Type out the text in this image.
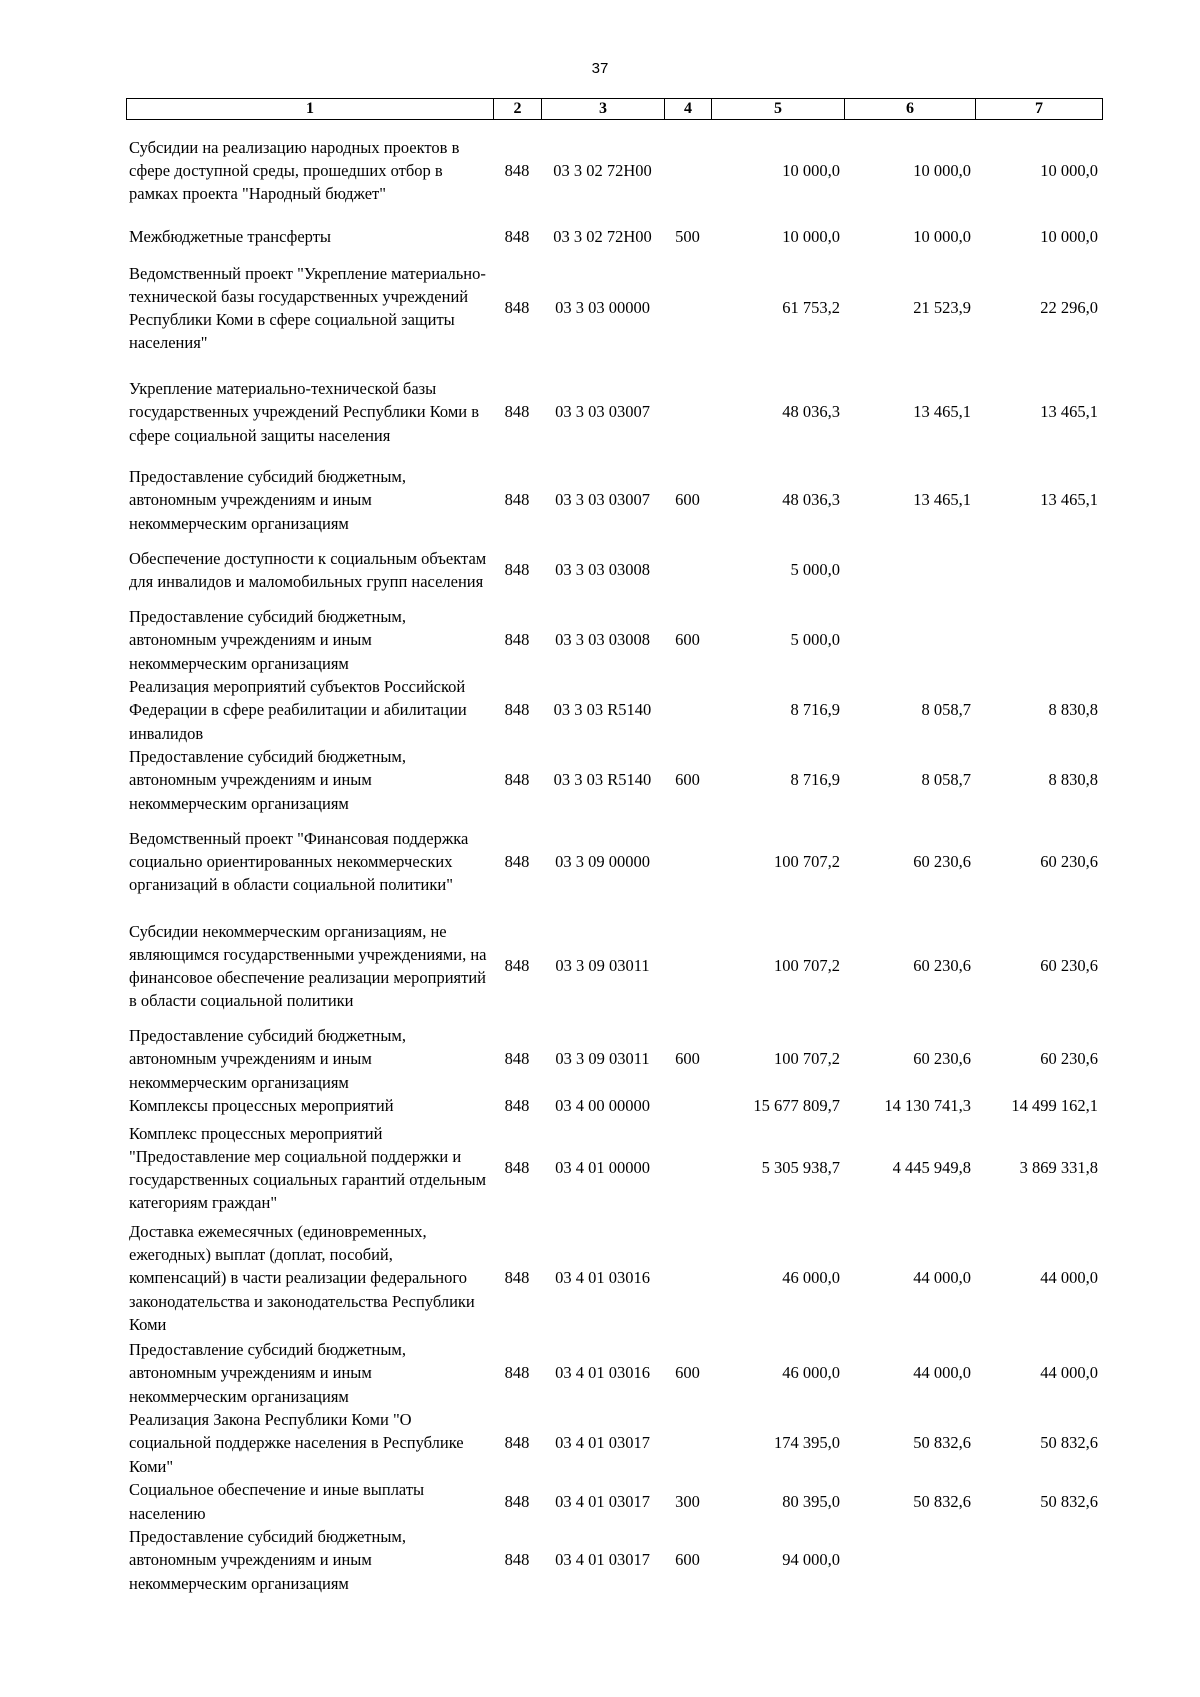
37
1	2	3	4	5	6	7
Субсидии на реализацию народных проектов в сфере доступной среды, прошедших отбор в рамках проекта "Народный бюджет"	848	03 3 02 72Н00		10 000,0	10 000,0	10 000,0
Межбюджетные трансферты	848	03 3 02 72Н00	500	10 000,0	10 000,0	10 000,0
Ведомственный проект "Укрепление материально-технической базы государственных учреждений Республики Коми в сфере социальной защиты населения"	848	03 3 03 00000		61 753,2	21 523,9	22 296,0
Укрепление материально-технической базы государственных учреждений Республики Коми в сфере социальной защиты населения	848	03 3 03 03007		48 036,3	13 465,1	13 465,1
Предоставление субсидий бюджетным, автономным учреждениям и иным некоммерческим организациям	848	03 3 03 03007	600	48 036,3	13 465,1	13 465,1
Обеспечение доступности к социальным объектам для инвалидов и маломобильных групп населения	848	03 3 03 03008		5 000,0		
Предоставление субсидий бюджетным, автономным учреждениям и иным некоммерческим организациям	848	03 3 03 03008	600	5 000,0		
Реализация мероприятий субъектов Российской Федерации в сфере реабилитации и абилитации инвалидов	848	03 3 03 R5140		8 716,9	8 058,7	8 830,8
Предоставление субсидий бюджетным, автономным учреждениям и иным некоммерческим организациям	848	03 3 03 R5140	600	8 716,9	8 058,7	8 830,8
Ведомственный проект "Финансовая поддержка социально ориентированных некоммерческих организаций в области социальной политики"	848	03 3 09 00000		100 707,2	60 230,6	60 230,6
Субсидии некоммерческим организациям, не являющимся государственными учреждениями, на финансовое обеспечение реализации мероприятий в области социальной политики	848	03 3 09 03011		100 707,2	60 230,6	60 230,6
Предоставление субсидий бюджетным, автономным учреждениям и иным некоммерческим организациям	848	03 3 09 03011	600	100 707,2	60 230,6	60 230,6
Комплексы процессных мероприятий	848	03 4 00 00000		15 677 809,7	14 130 741,3	14 499 162,1
Комплекс процессных мероприятий "Предоставление мер социальной поддержки и государственных социальных гарантий отдельным категориям граждан"	848	03 4 01 00000		5 305 938,7	4 445 949,8	3 869 331,8
Доставка ежемесячных (единовременных, ежегодных) выплат (доплат, пособий, компенсаций) в части реализации федерального законодательства и законодательства Республики Коми	848	03 4 01 03016		46 000,0	44 000,0	44 000,0
Предоставление субсидий бюджетным, автономным учреждениям и иным некоммерческим организациям	848	03 4 01 03016	600	46 000,0	44 000,0	44 000,0
Реализация Закона Республики Коми "О социальной поддержке населения в Республике Коми"	848	03 4 01 03017		174 395,0	50 832,6	50 832,6
Социальное обеспечение и иные выплаты населению	848	03 4 01 03017	300	80 395,0	50 832,6	50 832,6
Предоставление субсидий бюджетным, автономным учреждениям и иным некоммерческим организациям	848	03 4 01 03017	600	94 000,0		
